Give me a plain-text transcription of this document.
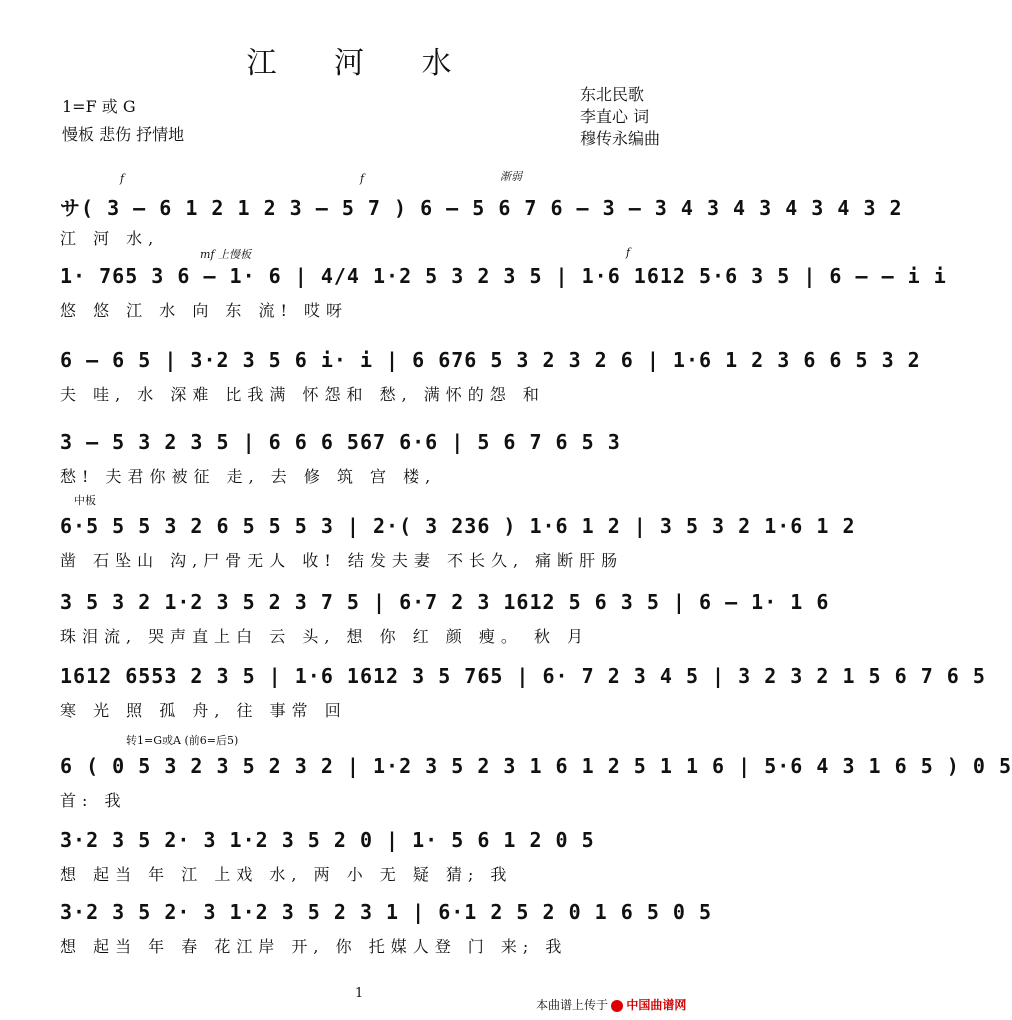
江 河 水
1=F 或 G
慢板 悲伤 抒情地
东北民歌
李直心 词
穆传永编曲
f	f	渐弱
サ( 3 — 6 1 2 1 2 3 — 5 7 ) 6 — 5 6 7 6 — 3 — 3 4 3 4 3 4 3 4 3 2
江 河 水,
mf 上慢板	f
1· 765 3 6 — 1· 6 | 4/4 1·2 5 3 2 3 5 | 1·6 1612 5·6 3 5 | 6 — — i i
悠 悠 江 水 向 东 流! 哎呀
6 — 6 5 | 3·2 3 5 6 i· i | 6 676 5 3 2 3 2 6 | 1·6 1 2 3 6 6 5 3 2
夫 哇, 水 深难 比我满 怀怨和 愁, 满怀的怨 和
3 — 5 3 2 3 5 | 6 6 6 567 6·6 | 5 6 7 6 5 3
愁! 夫君你被征 走, 去 修 筑 宫 楼,
中板
6·5 5 5 3 2 6 5 5 5 3 | 2·( 3 236 ) 1·6 1 2 | 3 5 3 2 1·6 1 2
凿 石坠山 沟,尸骨无人 收! 结发夫妻 不长久, 痛断肝肠
3 5 3 2 1·2 3 5 2 3 7 5 | 6·7 2 3 1612 5 6 3 5 | 6 — 1· 1 6
珠泪流, 哭声直上白 云 头, 想 你 红 颜 瘦。 秋 月
1612 6553 2 3 5 | 1·6 1612 3 5 765 | 6· 7 2 3 4 5 | 3 2 3 2 1 5 6 7 6 5
寒 光 照 孤 舟, 往 事常 回
转1=G或A (前6=后5)
6 ( 0 5 3 2 3 5 2 3 2 | 1·2 3 5 2 3 1 6 1 2 5 1 1 6 | 5·6 4 3 1 6 5 ) 0 5
首: 我
3·2 3 5 2· 3 1·2 3 5 2 0 | 1· 5 6 1 2 0 5
想 起当 年 江 上戏 水, 两 小 无 疑 猜; 我
3·2 3 5 2· 3 1·2 3 5 2 3 1 | 6·1 2 5 2 0 1 6 5 0 5
想 起当 年 春 花江岸 开, 你 托媒人登 门 来; 我
1
本曲谱上传于 中国曲谱网
